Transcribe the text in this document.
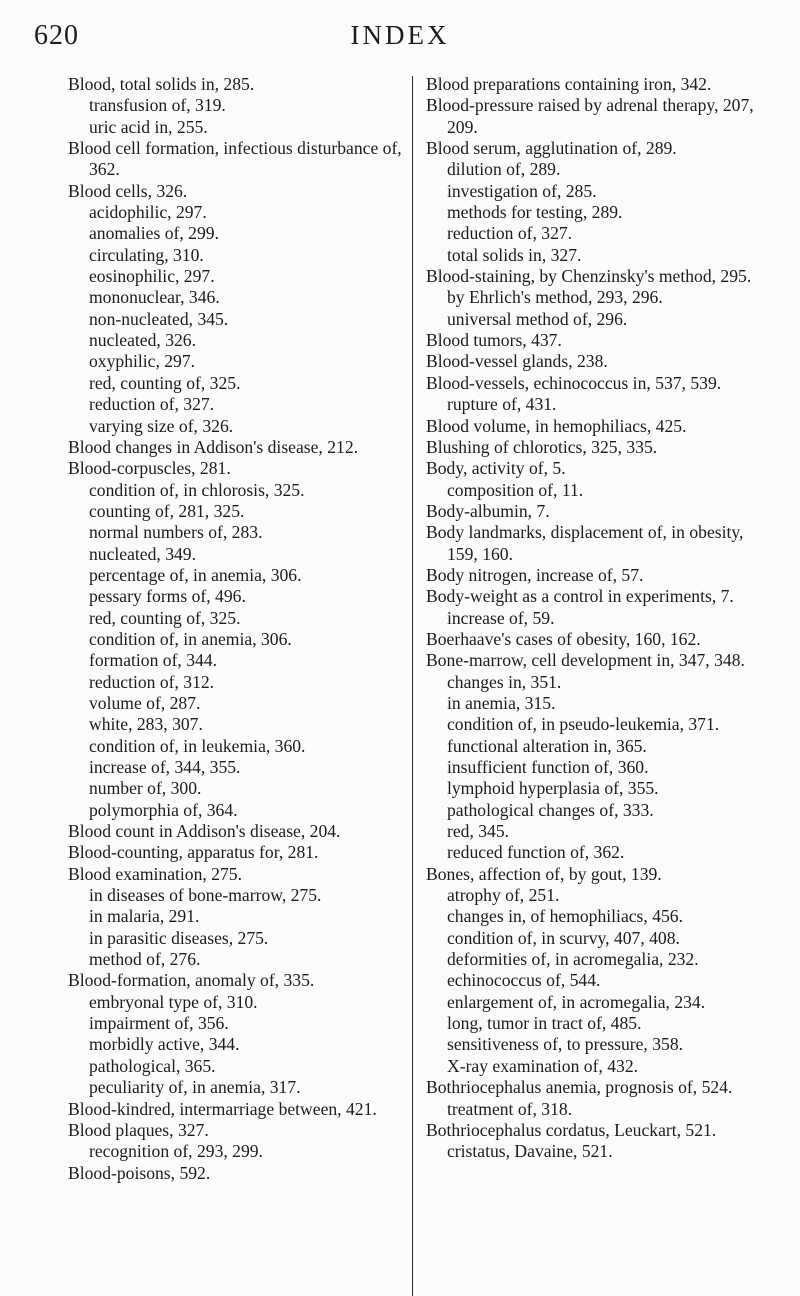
620	INDEX
Blood, total solids in, 285.
transfusion of, 319.
uric acid in, 255.
Blood cell formation, infectious disturbance of, 362.
Blood cells, 326.
acidophilic, 297.
anomalies of, 299.
circulating, 310.
eosinophilic, 297.
mononuclear, 346.
non-nucleated, 345.
nucleated, 326.
oxyphilic, 297.
red, counting of, 325.
reduction of, 327.
varying size of, 326.
Blood changes in Addison's disease, 212.
Blood-corpuscles, 281.
condition of, in chlorosis, 325.
counting of, 281, 325.
normal numbers of, 283.
nucleated, 349.
percentage of, in anemia, 306.
pessary forms of, 496.
red, counting of, 325.
condition of, in anemia, 306.
formation of, 344.
reduction of, 312.
volume of, 287.
white, 283, 307.
condition of, in leukemia, 360.
increase of, 344, 355.
number of, 300.
polymorphia of, 364.
Blood count in Addison's disease, 204.
Blood-counting, apparatus for, 281.
Blood examination, 275.
in diseases of bone-marrow, 275.
in malaria, 291.
in parasitic diseases, 275.
method of, 276.
Blood-formation, anomaly of, 335.
embryonal type of, 310.
impairment of, 356.
morbidly active, 344.
pathological, 365.
peculiarity of, in anemia, 317.
Blood-kindred, intermarriage between, 421.
Blood plaques, 327.
recognition of, 293, 299.
Blood-poisons, 592.
Blood preparations containing iron, 342.
Blood-pressure raised by adrenal therapy, 207, 209.
Blood serum, agglutination of, 289.
dilution of, 289.
investigation of, 285.
methods for testing, 289.
reduction of, 327.
total solids in, 327.
Blood-staining, by Chenzinsky's method, 295.
by Ehrlich's method, 293, 296.
universal method of, 296.
Blood tumors, 437.
Blood-vessel glands, 238.
Blood-vessels, echinococcus in, 537, 539.
rupture of, 431.
Blood volume, in hemophiliacs, 425.
Blushing of chlorotics, 325, 335.
Body, activity of, 5.
composition of, 11.
Body-albumin, 7.
Body landmarks, displacement of, in obesity, 159, 160.
Body nitrogen, increase of, 57.
Body-weight as a control in experiments, 7.
increase of, 59.
Boerhaave's cases of obesity, 160, 162.
Bone-marrow, cell development in, 347, 348.
changes in, 351.
in anemia, 315.
condition of, in pseudo-leukemia, 371.
functional alteration in, 365.
insufficient function of, 360.
lymphoid hyperplasia of, 355.
pathological changes of, 333.
red, 345.
reduced function of, 362.
Bones, affection of, by gout, 139.
atrophy of, 251.
changes in, of hemophiliacs, 456.
condition of, in scurvy, 407, 408.
deformities of, in acromegalia, 232.
echinococcus of, 544.
enlargement of, in acromegalia, 234.
long, tumor in tract of, 485.
sensitiveness of, to pressure, 358.
X-ray examination of, 432.
Bothriocephalus anemia, prognosis of, 524.
treatment of, 318.
Bothriocephalus cordatus, Leuckart, 521.
cristatus, Davaine, 521.
